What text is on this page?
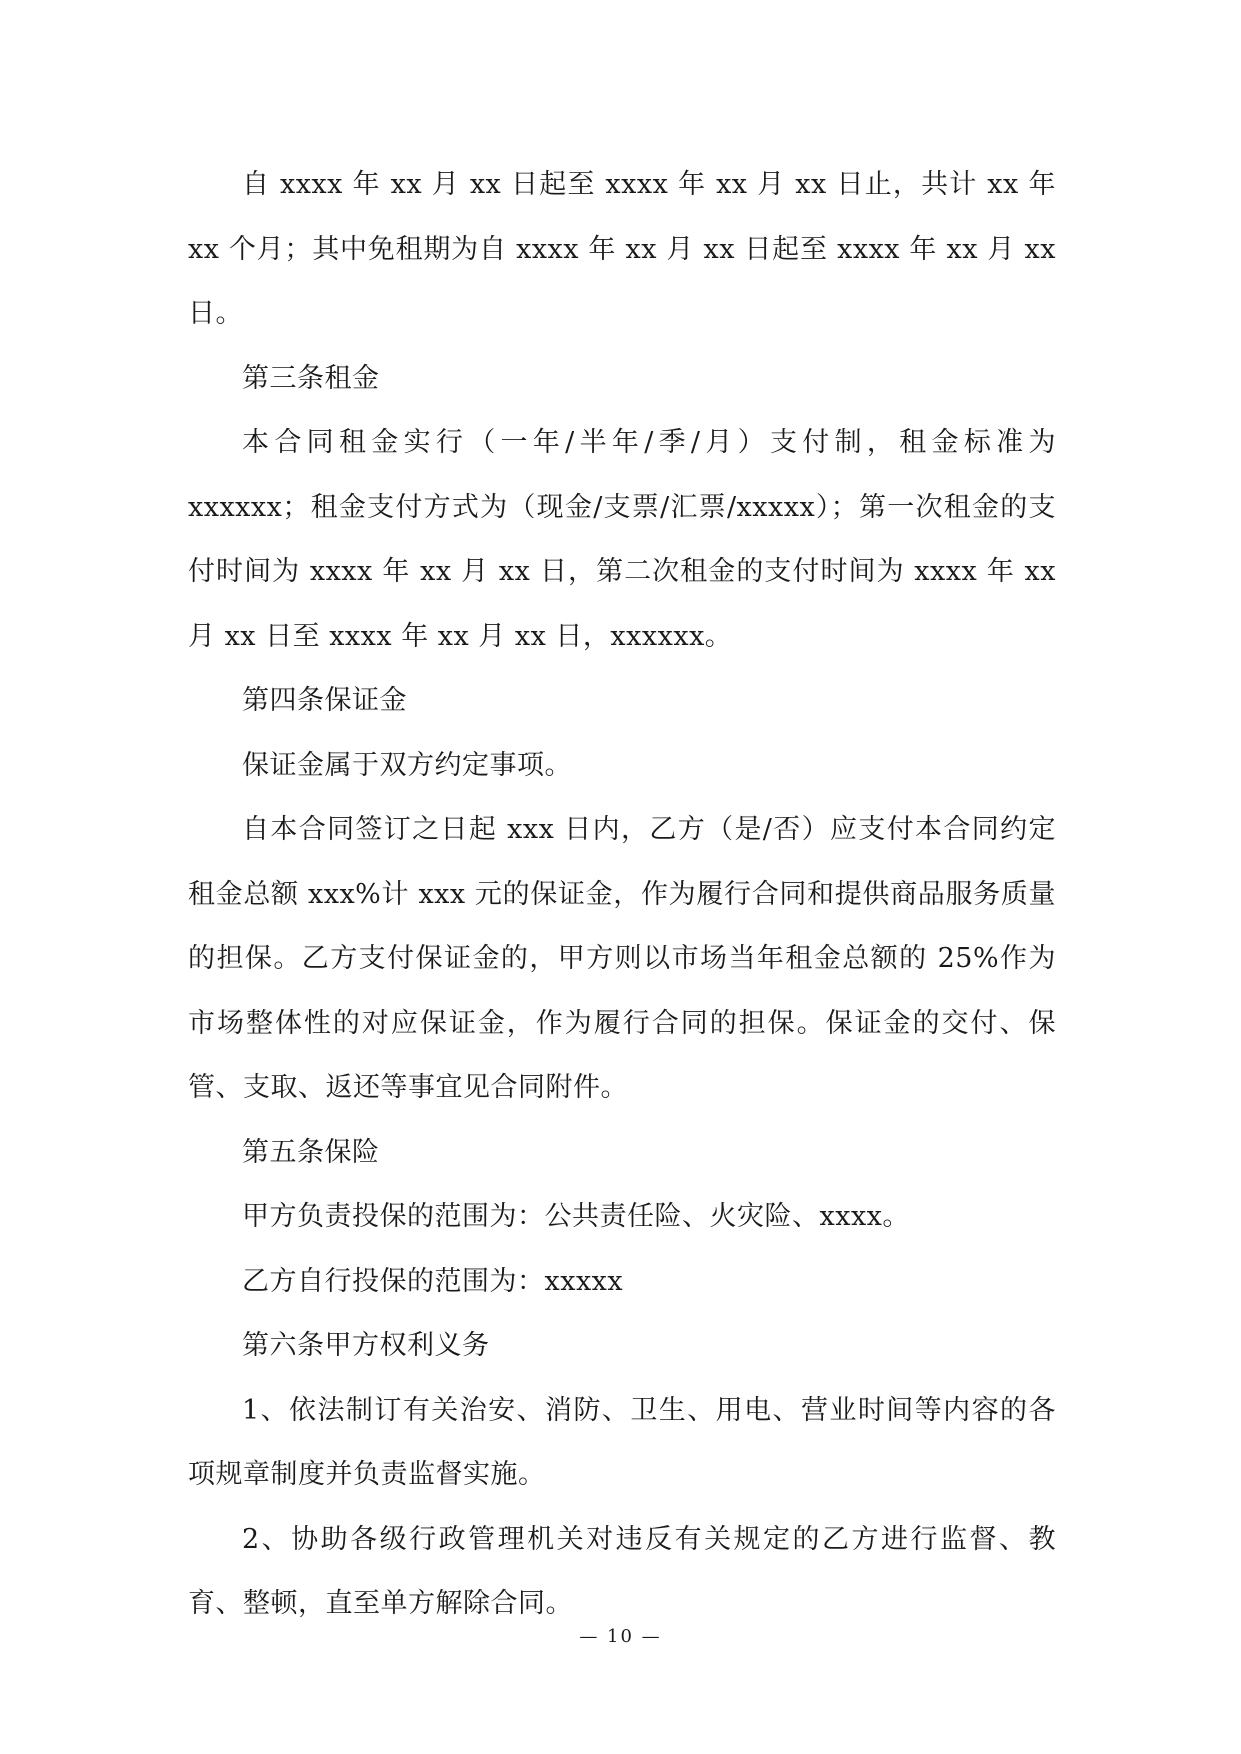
自 xxxx 年 xx 月 xx 日起至 xxxx 年 xx 月 xx 日止，共计 xx 年 xx 个月；其中免租期为自 xxxx 年 xx 月 xx 日起至 xxxx 年 xx 月 xx 日。

第三条租金

本合同租金实行（一年/半年/季/月）支付制，租金标准为 xxxxxx；租金支付方式为（现金/支票/汇票/xxxxx）；第一次租金的支付时间为 xxxx 年 xx 月 xx 日，第二次租金的支付时间为 xxxx 年 xx 月 xx 日至 xxxx 年 xx 月 xx 日，xxxxxx。

第四条保证金

保证金属于双方约定事项。

自本合同签订之日起 xxx 日内，乙方（是/否）应支付本合同约定租金总额 xxx%计 xxx 元的保证金，作为履行合同和提供商品服务质量的担保。乙方支付保证金的，甲方则以市场当年租金总额的 25%作为市场整体性的对应保证金，作为履行合同的担保。保证金的交付、保管、支取、返还等事宜见合同附件。

第五条保险

甲方负责投保的范围为：公共责任险、火灾险、xxxx。

乙方自行投保的范围为：xxxxx

第六条甲方权利义务

1、依法制订有关治安、消防、卫生、用电、营业时间等内容的各项规章制度并负责监督实施。

2、协助各级行政管理机关对违反有关规定的乙方进行监督、教育、整顿，直至单方解除合同。

— 10 —
